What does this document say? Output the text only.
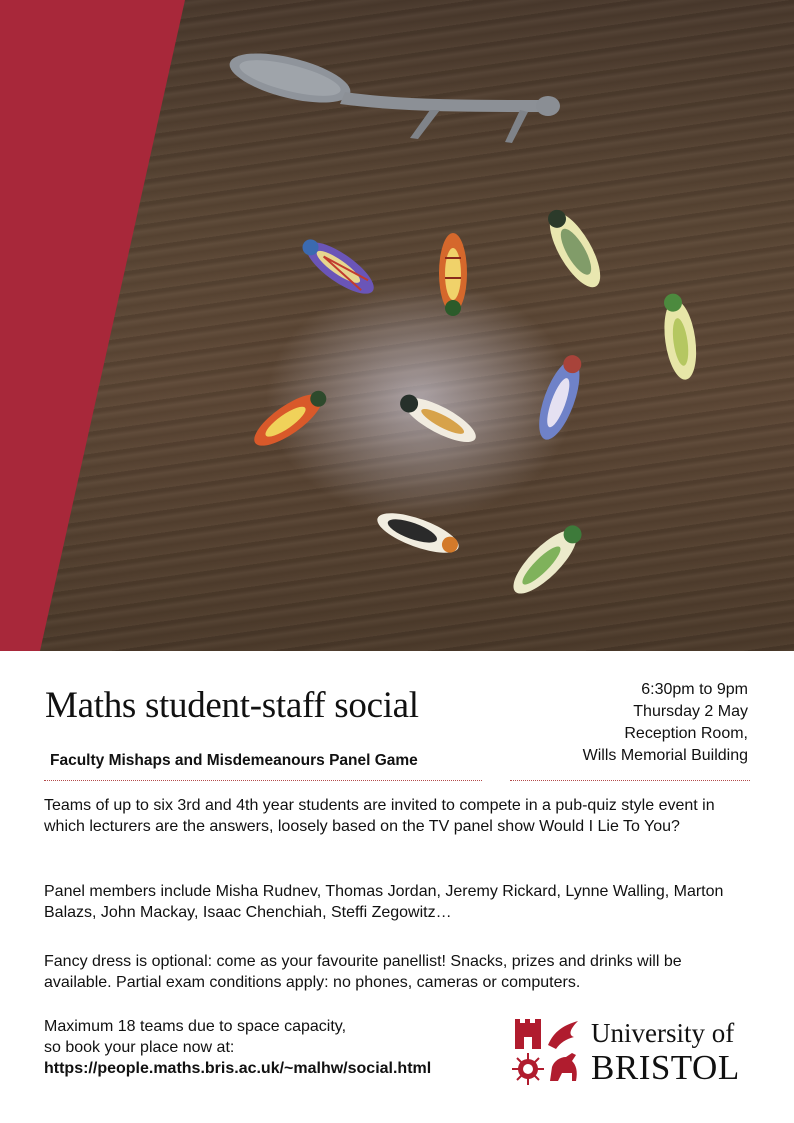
Maths student-staff social
Faculty Mishaps and Misdemeanours Panel Game
6:30pm to 9pm
Thursday 2 May
Reception Room,
Wills Memorial Building

Teams of up to six 3rd and 4th year students are invited to compete in a pub-quiz style event in which lecturers are the answers, loosely based on the TV panel show Would I Lie To You?

Panel members include Misha Rudnev, Thomas Jordan, Jeremy Rickard, Lynne Walling, Marton Balazs, John Mackay, Isaac Chenchiah, Steffi Zegowitz…

Fancy dress is optional: come as your favourite panellist! Snacks, prizes and drinks will be available. Partial exam conditions apply: no phones, cameras or computers.

Maximum 18 teams due to space capacity,
so book your place now at:
https://people.maths.bris.ac.uk/~malhw/social.html
University of
BRISTOL
